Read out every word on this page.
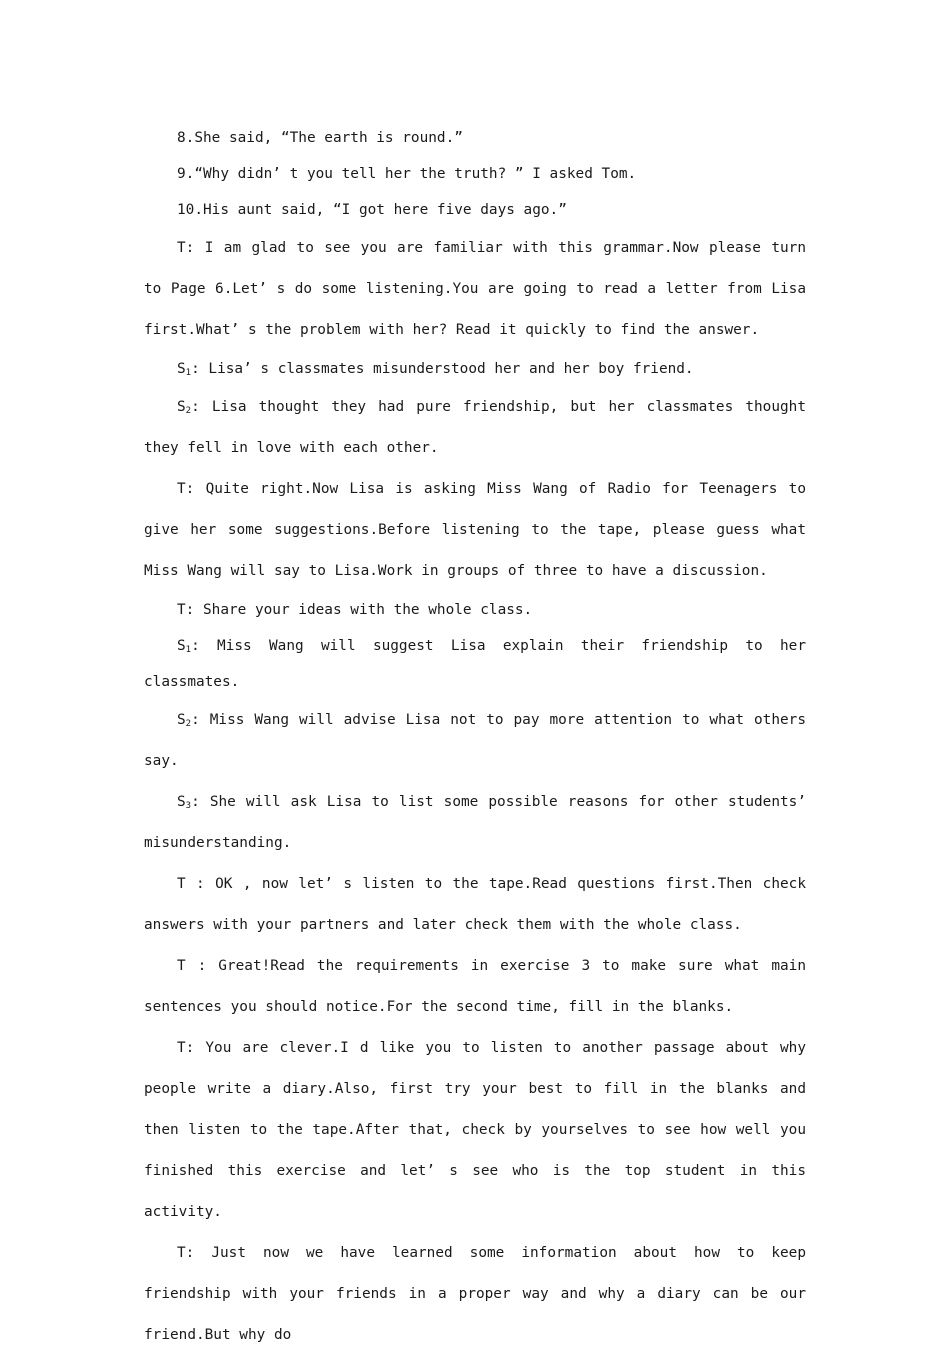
8.She said, “The earth is round.”

9.“Why didn’ t you tell her the truth? ” I asked Tom.

10.His aunt said, “I got here five days ago.”

T: I am glad to see you are familiar with this grammar.Now please turn to Page 6.Let’ s do some listening.You are going to read a letter from Lisa first.What’ s the problem with her? Read it quickly to find the answer.

$S_1$: Lisa’ s classmates misunderstood her and her boy friend.

$S_2$: Lisa thought they had pure friendship, but her classmates thought they fell in love with each other.

T: Quite right.Now Lisa is asking Miss Wang of Radio for Teenagers to give her some suggestions.Before listening to the tape, please guess what Miss Wang will say to Lisa.Work in groups of three to have a discussion.

T: Share your ideas with the whole class.

$S_1$: Miss Wang will suggest Lisa explain their friendship to her classmates.

$S_2$: Miss Wang will advise Lisa not to pay more attention to what others say.

$S_3$: She will ask Lisa to list some possible reasons for other students’ misunderstanding.

T : OK , now let’ s listen to the tape.Read questions first.Then check answers with your partners and later check them with the whole class.

T : Great!Read the requirements in exercise 3 to make sure what main sentences you should notice.For the second time, fill in the blanks.

T: You are clever.I d like you to listen to another passage about why people write a diary.Also, first try your best to fill in the blanks and then listen to the tape.After that, check by yourselves to see how well you finished this exercise and let’ s see who is the top student in this activity.

T: Just now we have learned some information about how to keep friendship with your friends in a proper way and why a diary can be our friend.But why do
